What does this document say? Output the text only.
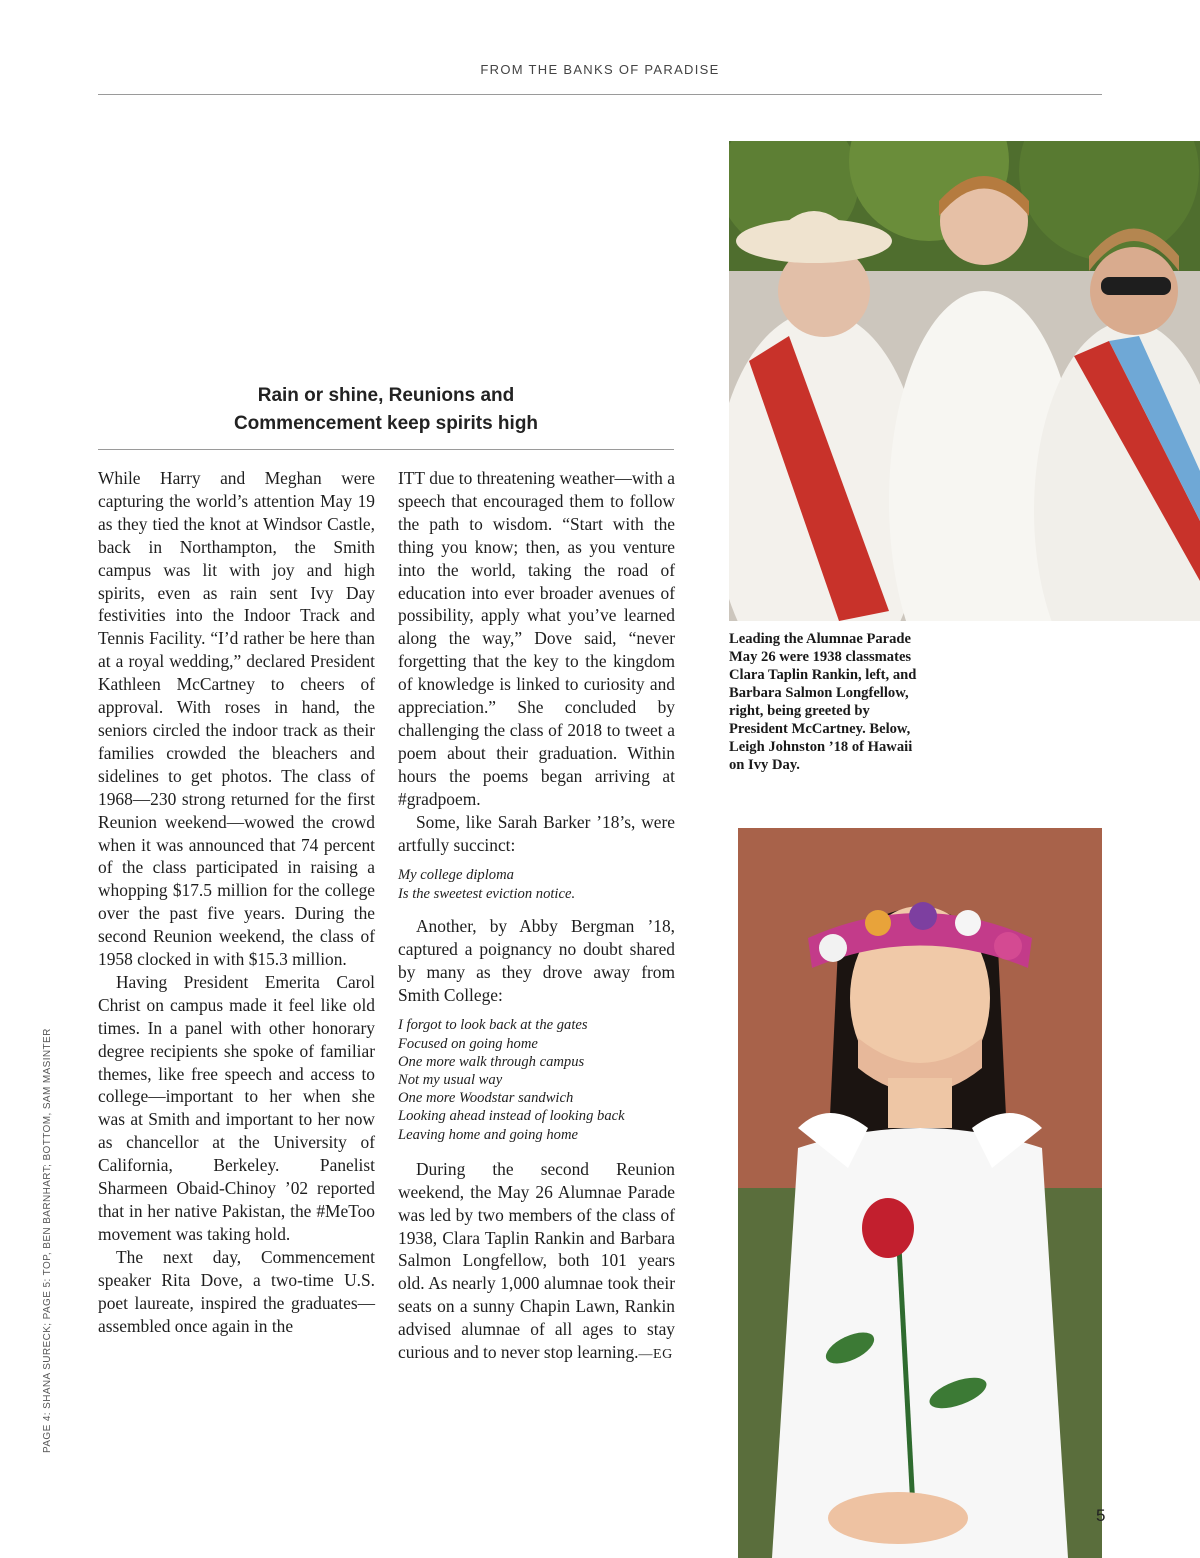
FROM THE BANKS OF PARADISE
Rain or shine, Reunions and
Commencement keep spirits high

While Harry and Meghan were capturing the world’s attention May 19 as they tied the knot at Windsor Castle, back in Northampton, the Smith campus was lit with joy and high spirits, even as rain sent Ivy Day festivities into the Indoor Track and Tennis Facility. “I’d rather be here than at a royal wedding,” declared President Kathleen McCartney to cheers of approval. With roses in hand, the seniors circled the indoor track as their families crowded the bleachers and sidelines to get photos. The class of 1968—230 strong returned for the first Reunion weekend—wowed the crowd when it was announced that 74 percent of the class participated in raising a whopping $17.5 million for the college over the past five years. During the second Reunion weekend, the class of 1958 clocked in with $15.3 million.

Having President Emerita Carol Christ on campus made it feel like old times. In a panel with other honorary degree recipients she spoke of familiar themes, like free speech and access to college—important to her when she was at Smith and important to her now as chancellor at the University of California, Berkeley. Panelist Sharmeen Obaid-Chinoy ’02 reported that in her native Pakistan, the #MeToo movement was taking hold.

The next day, Commencement speaker Rita Dove, a two-time U.S. poet laureate, inspired the graduates—assembled once again in the

ITT due to threatening weather—with a speech that encouraged them to follow the path to wisdom. “Start with the thing you know; then, as you venture into the world, taking the road of education into ever broader avenues of possibility, apply what you’ve learned along the way,” Dove said, “never forgetting that the key to the kingdom of knowledge is linked to curiosity and appreciation.” She concluded by challenging the class of 2018 to tweet a poem about their graduation. Within hours the poems began arriving at #gradpoem.

Some, like Sarah Barker ’18’s, were artfully succinct:

My college diploma
Is the sweetest eviction notice.

Another, by Abby Bergman ’18, captured a poignancy no doubt shared by many as they drove away from Smith College:

I forgot to look back at the gates
Focused on going home
One more walk through campus
Not my usual way
One more Woodstar sandwich
Looking ahead instead of looking back
Leaving home and going home

During the second Reunion weekend, the May 26 Alumnae Parade was led by two members of the class of 1938, Clara Taplin Rankin and Barbara Salmon Longfellow, both 101 years old. As nearly 1,000 alumnae took their seats on a sunny Chapin Lawn, Rankin advised alumnae of all ages to stay curious and to never stop learning.—EG

Leading the Alumnae Parade May 26 were 1938 classmates Clara Taplin Rankin, left, and Barbara Salmon Longfellow, right, being greeted by President McCartney. Below, Leigh Johnston ’18 of Hawaii on Ivy Day.
5
PAGE 4: SHANA SURECK; PAGE 5: TOP, BEN BARNHART; BOTTOM, SAM MASINTER
